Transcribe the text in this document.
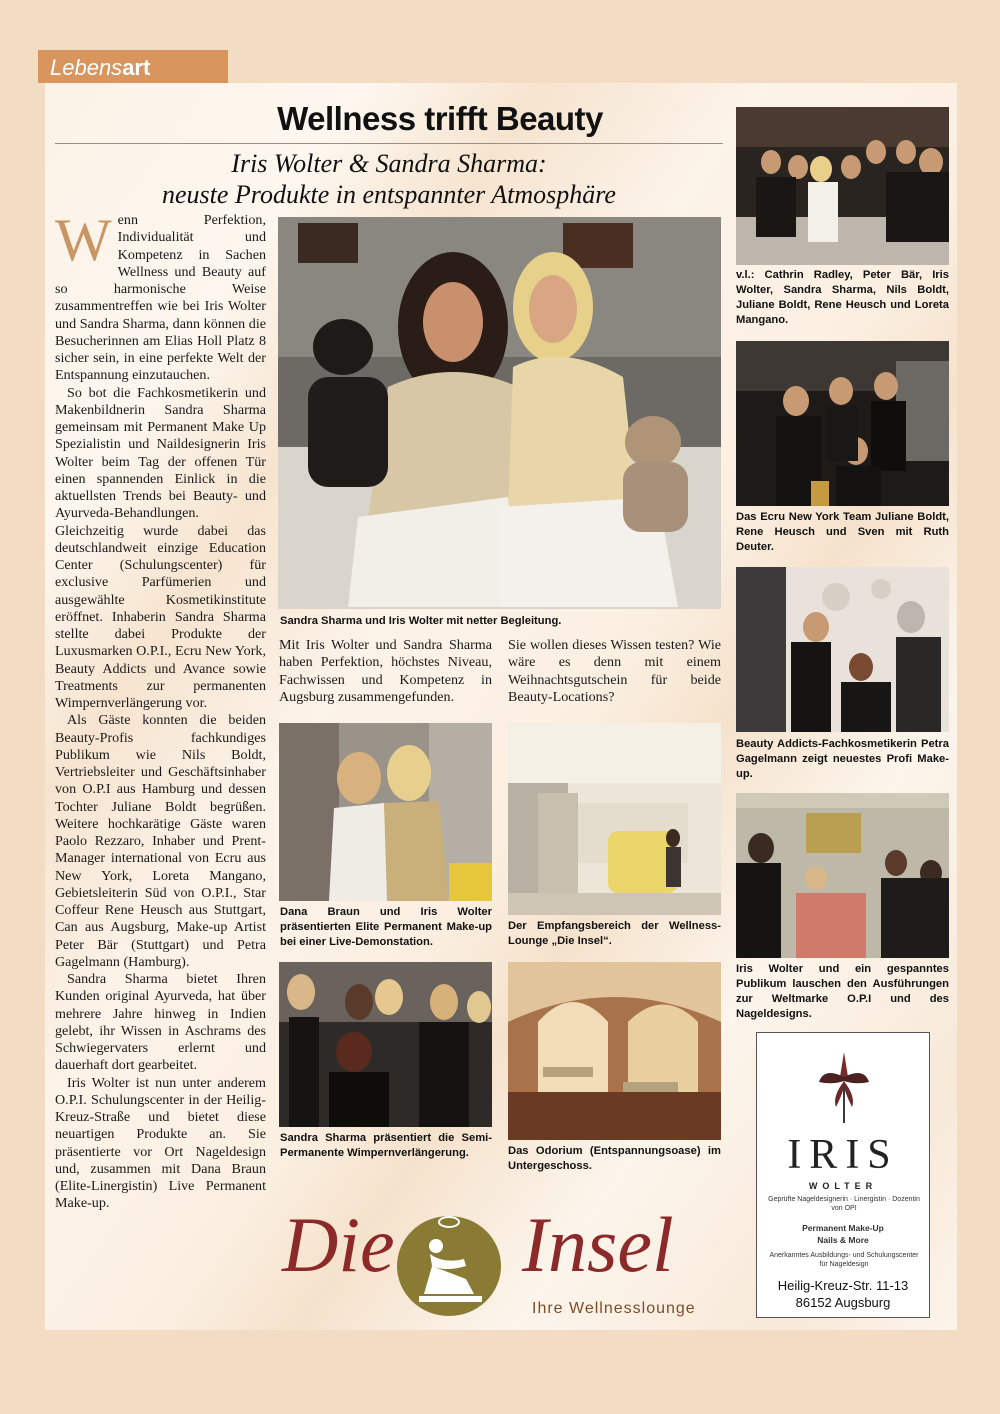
Lebensart
Wellness trifft Beauty
Iris Wolter & Sandra Sharma:
neuste Produkte in entspannter Atmosphäre

Wenn Perfektion, Individualität und Kompetenz in Sachen Wellness und Beauty auf so harmonische Weise zusammentreffen wie bei Iris Wolter und Sandra Sharma, dann können die Besucherinnen am Elias Holl Platz 8 sicher sein, in eine perfekte Welt der Entspannung einzutauchen.

So bot die Fachkosmetikerin und Makenbildnerin Sandra Sharma gemeinsam mit Permanent Make Up Spezialistin und Naildesignerin Iris Wolter beim Tag der offenen Tür einen spannenden Einlick in die aktuellsten Trends bei Beauty- und Ayurveda-Behandlungen. Gleichzeitig wurde dabei das deutschlandweit einzige Education Center (Schulungscenter) für exclusive Parfümerien und ausgewählte Kosmetikinstitute eröffnet. Inhaberin Sandra Sharma stellte dabei Produkte der Luxusmarken O.P.I., Ecru New York, Beauty Addicts und Avance sowie Treatments zur permanenten Wimpernverlängerung vor.

Als Gäste konnten die beiden Beauty-Profis fachkundiges Publikum wie Nils Boldt, Vertriebsleiter und Geschäftsinhaber von O.P.I aus Hamburg und dessen Tochter Juliane Boldt begrüßen. Weitere hochkarätige Gäste waren Paolo Rezzaro, Inhaber und Prent-Manager international von Ecru aus New York, Loreta Mangano, Gebietsleiterin Süd von O.P.I., Star Coffeur Rene Heusch aus Stuttgart, Can aus Augsburg, Make-up Artist Peter Bär (Stuttgart) und Petra Gagelmann (Hamburg).

Sandra Sharma bietet Ihren Kunden original Ayurveda, hat über mehrere Jahre hinweg in Indien gelebt, ihr Wissen in Aschrams des Schwiegervaters erlernt und dauerhaft dort gearbeitet.

Iris Wolter ist nun unter anderem O.P.I. Schulungscenter in der Heilig-Kreuz-Straße und bietet diese neuartigen Produkte an. Sie präsentierte vor Ort Nageldesign und, zusammen mit Dana Braun (Elite-Linergistin) Live Permanent Make-up.

Sandra Sharma und Iris Wolter mit netter Begleitung.
Mit Iris Wolter und Sandra Sharma haben Perfektion, höchstes Niveau, Fachwissen und Kompetenz in Augsburg zusammengefunden.
Sie wollen dieses Wissen testen? Wie wäre es denn mit einem Weihnachtsgutschein für beide Beauty-Locations?
Dana Braun und Iris Wolter präsentierten Elite Permanent Make-up bei einer Live-Demonstation.
Der Empfangsbereich der Wellness-Lounge „Die Insel“.
Sandra Sharma präsentiert die Semi-Permanente Wimpernverlängerung.	Das Odorium (Entspannungsoase) im Untergeschoss.
v.l.: Cathrin Radley, Peter Bär, Iris Wolter, Sandra Sharma, Nils Boldt, Juliane Boldt, Rene Heusch und Loreta Mangano.
Das Ecru New York Team Juliane Boldt, Rene Heusch und Sven mit Ruth Deuter.
Beauty Addicts-Fachkosmetikerin Petra Gagelmann zeigt neuestes Profi Make-up.
Iris Wolter und ein gespanntes Publikum lauschen den Ausführungen zur Weltmarke O.P.I und des Nageldesigns.
Die Insel
Ihre Wellnesslounge
IRIS
WOLTER
Geprüfte Nageldesignerin · Linergistin · Dozentin von OPI
Permanent Make-Up
Nails & More
Anerkanntes Ausbildungs- und Schulungscenter für Nageldesign
Heilig-Kreuz-Str. 11-13
86152 Augsburg
